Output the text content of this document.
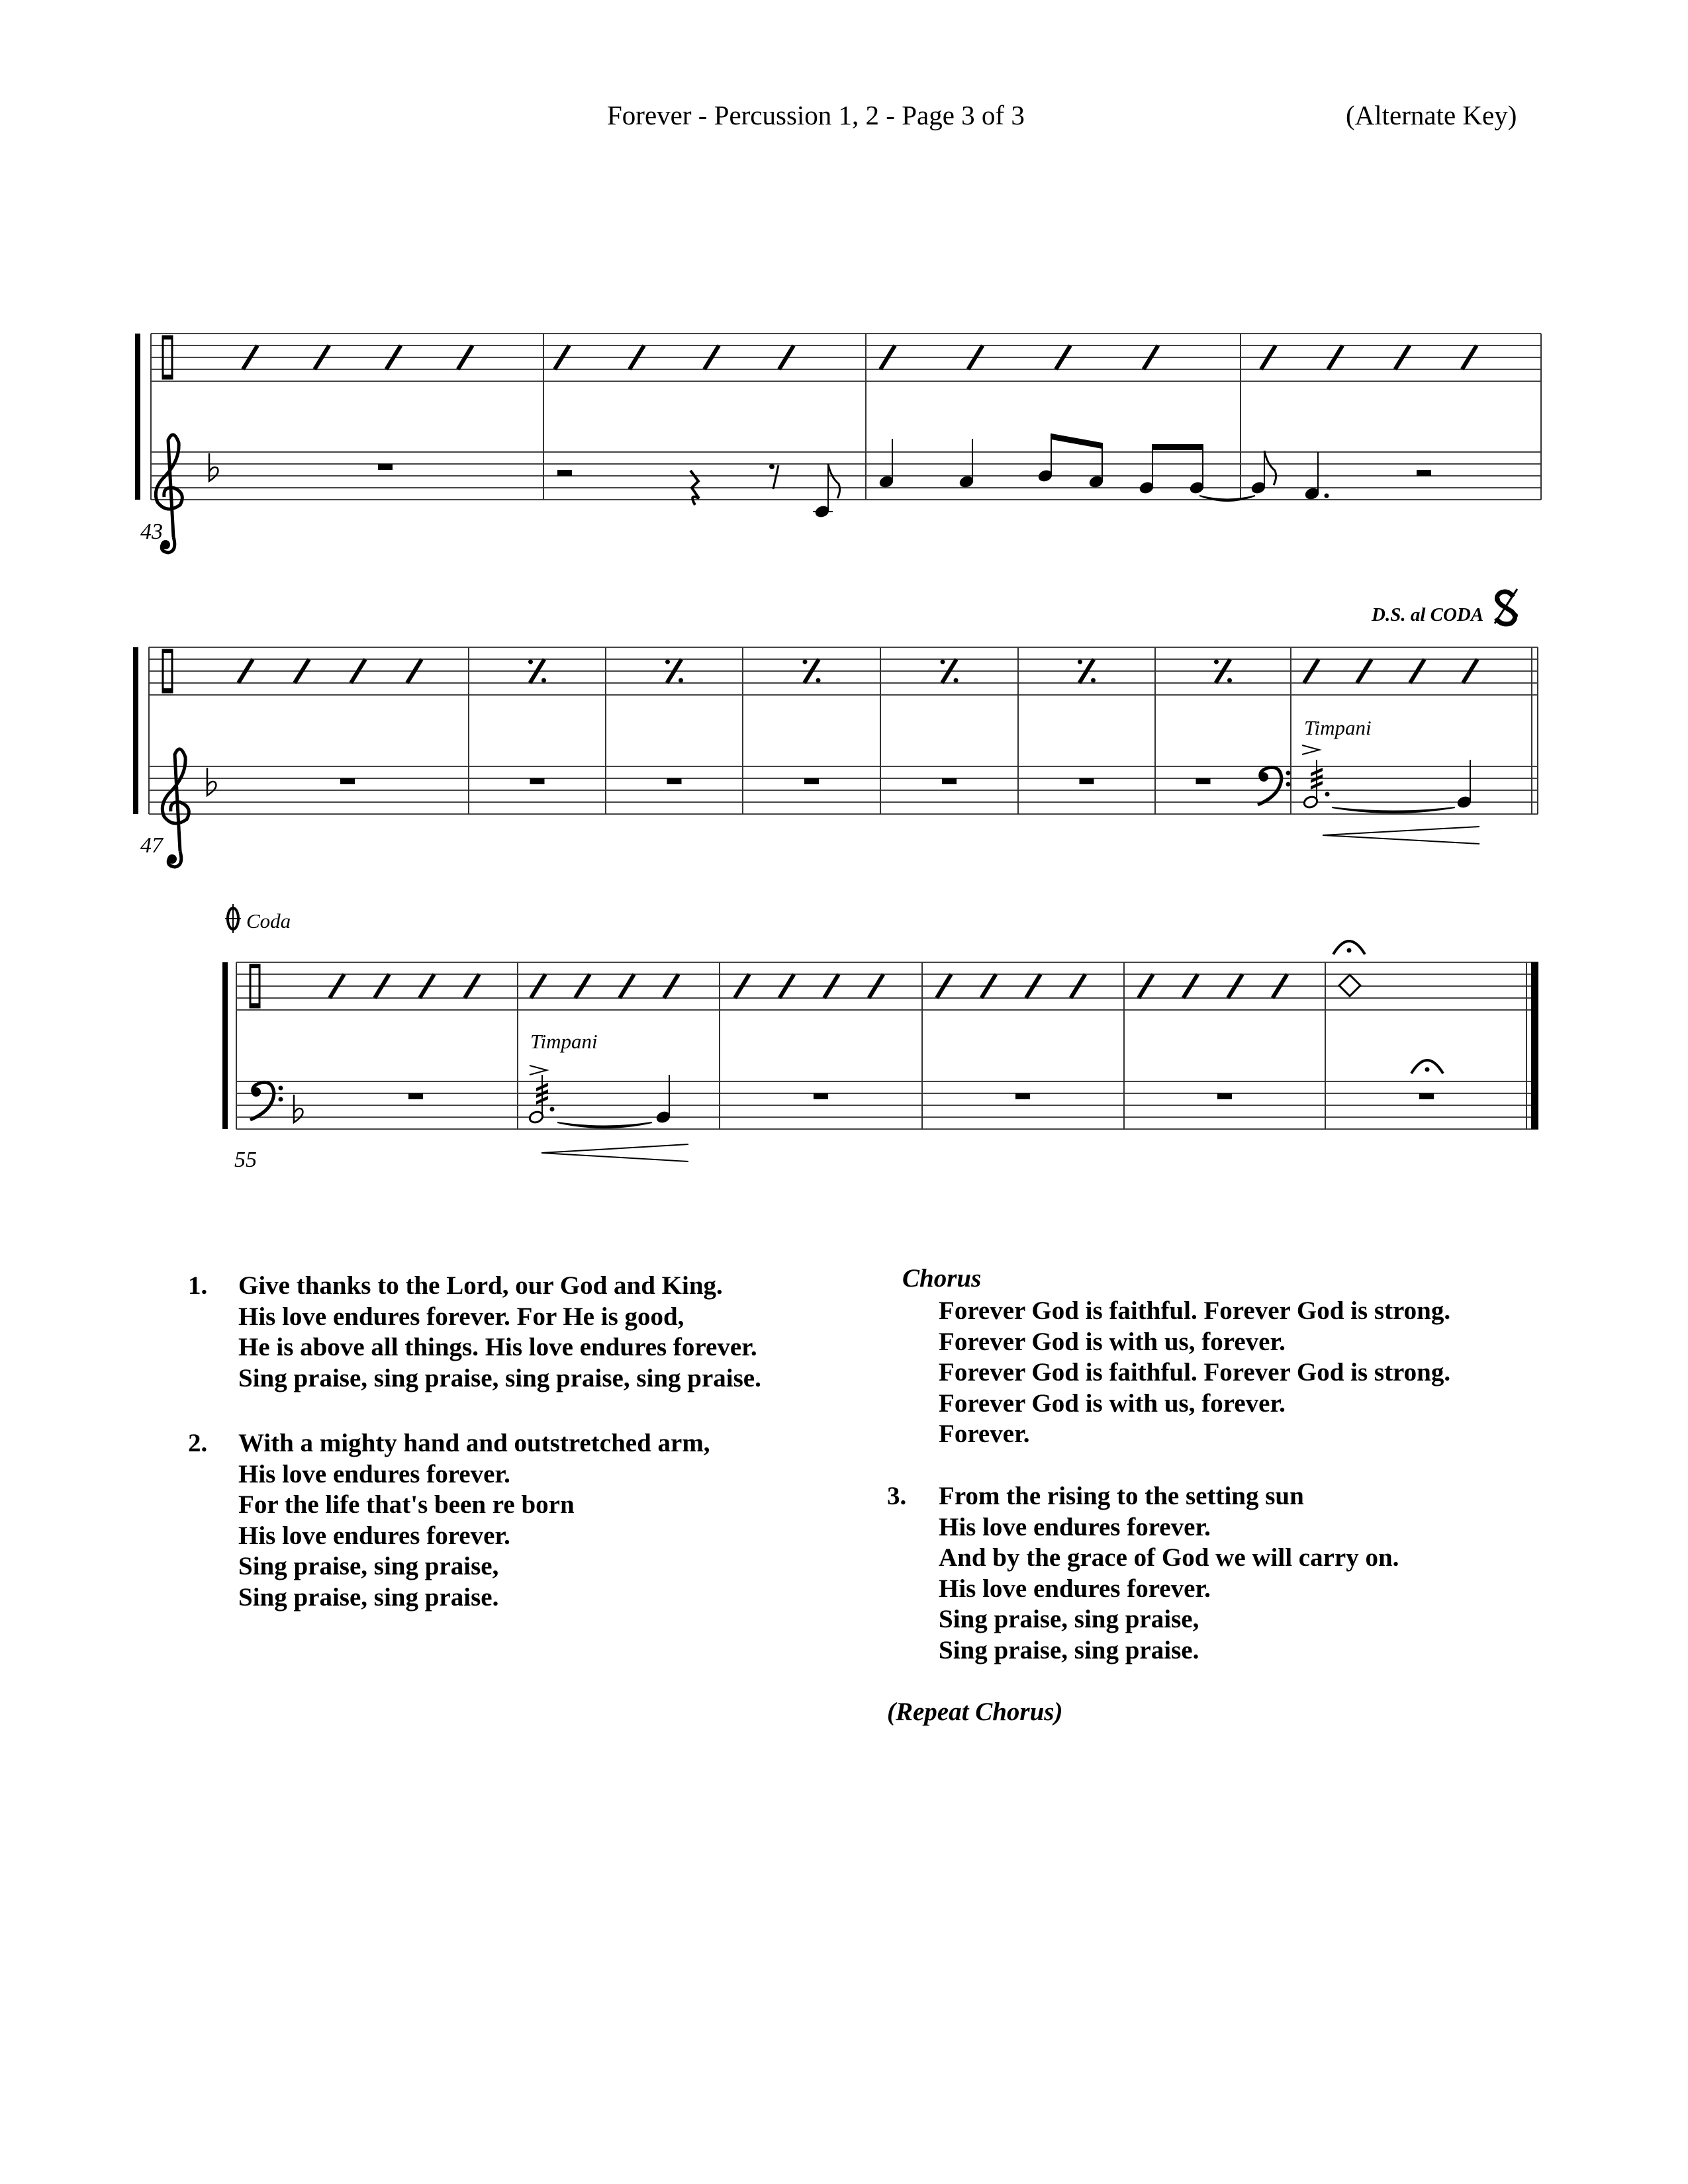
Forever - Percussion 1, 2 - Page 3 of 3	(Alternate Key)
43
47
D.S. al CODA
Timpani
Coda
Timpani
55
1.	Give thanks to the Lord, our God and King.
His love endures forever. For He is good,
He is above all things. His love endures forever.
Sing praise, sing praise, sing praise, sing praise.
2.	With a mighty hand and outstretched arm,
His love endures forever.
For the life that's been re born
His love endures forever.
Sing praise, sing praise,
Sing praise, sing praise.
Chorus
Forever God is faithful. Forever God is strong.
Forever God is with us, forever.
Forever God is faithful. Forever God is strong.
Forever God is with us, forever.
Forever.
3.	From the rising to the setting sun
His love endures forever.
And by the grace of God we will carry on.
His love endures forever.
Sing praise, sing praise,
Sing praise, sing praise.
(Repeat Chorus)
